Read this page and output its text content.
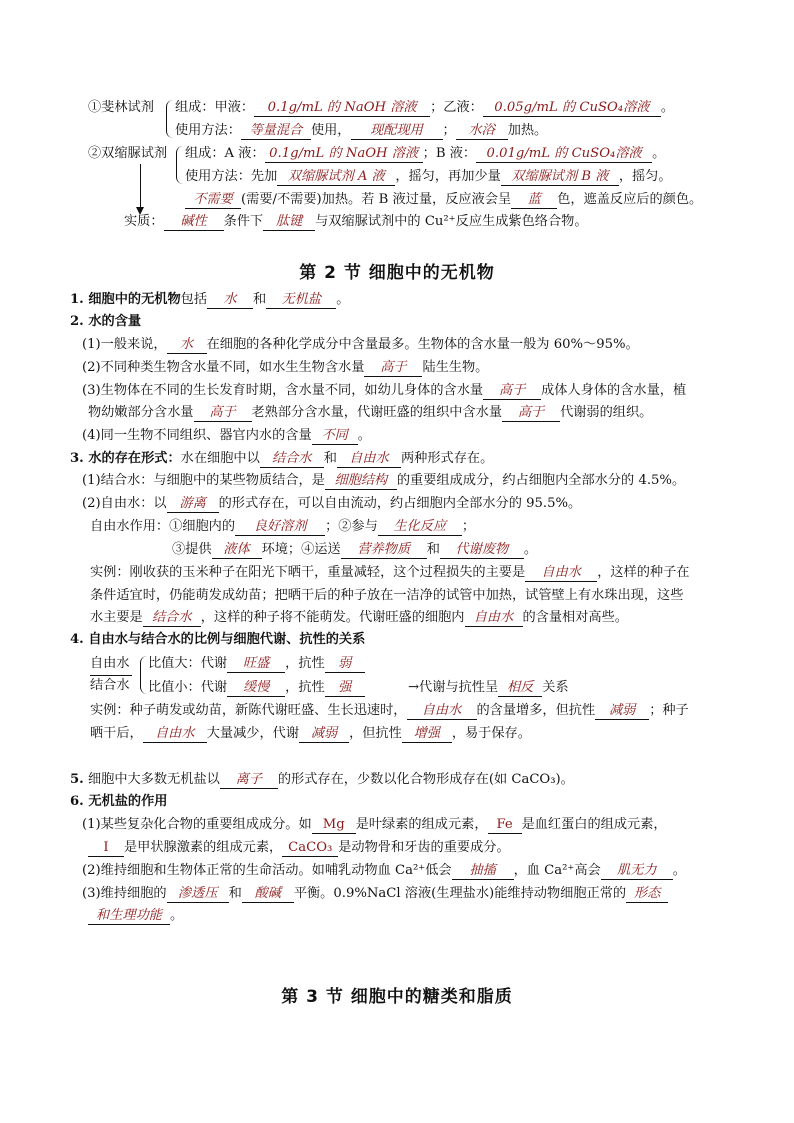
①斐林试剂 组成：甲液： 0.1g/mL 的 NaOH 溶液 ；乙液： 0.05g/mL 的 CuSO₄溶液 。
使用方法： 等量混合 使用， 现配现用 ； 水浴 加热。
②双缩脲试剂 组成：A 液： 0.1g/mL 的 NaOH 溶液 ；B 液： 0.01g/mL 的 CuSO₄溶液 。
使用方法：先加 双缩脲试剂 A 液 ，摇匀，再加少量 双缩脲试剂 B 液 ，摇匀。
不需要 (需要/不需要)加热。若 B 液过量，反应液会呈 蓝 色，遮盖反应后的颜色。
实质： 碱性 条件下 肽键 与双缩脲试剂中的 Cu²⁺反应生成紫色络合物。
第 2 节 细胞中的无机物
1. 细胞中的无机物包括 水 和 无机盐 。
2. 水的含量
(1)一般来说， 水 在细胞的各种化学成分中含量最多。生物体的含水量一般为 60%～95%。
(2)不同种类生物含水量不同，如水生生物含水量 高于 陆生生物。
(3)生物体在不同的生长发育时期，含水量不同，如幼儿身体的含水量 高于 成体人身体的含水量，植
物幼嫩部分含水量 高于 老熟部分含水量，代谢旺盛的组织中含水量 高于 代谢弱的组织。
(4)同一生物不同组织、器官内水的含量 不同 。
3. 水的存在形式：水在细胞中以 结合水 和 自由水 两种形式存在。
(1)结合水：与细胞中的某些物质结合，是 细胞结构 的重要组成成分，约占细胞内全部水分的 4.5%。
(2)自由水：以 游离 的形式存在，可以自由流动，约占细胞内全部水分的 95.5%。
自由水作用：①细胞内的 良好溶剂 ；②参与 生化反应 ；
③提供 液体 环境；④运送 营养物质 和 代谢废物 。
实例：刚收获的玉米种子在阳光下晒干，重量减轻，这个过程损失的主要是 自由水 ，这样的种子在
条件适宜时，仍能萌发成幼苗；把晒干后的种子放在一洁净的试管中加热，试管壁上有水珠出现，这些
水主要是 结合水 ，这样的种子将不能萌发。代谢旺盛的细胞内 自由水 的含量相对高些。
4. 自由水与结合水的比例与细胞代谢、抗性的关系
自由水
结合水
比值大：代谢 旺盛 ，抗性 弱
比值小：代谢 缓慢 ，抗性 强	→代谢与抗性呈 相反 关系
实例：种子萌发或幼苗，新陈代谢旺盛、生长迅速时， 自由水 的含量增多，但抗性 减弱 ；种子
晒干后， 自由水 大量减少，代谢 减弱 ，但抗性 增强 ，易于保存。
5. 细胞中大多数无机盐以 离子 的形式存在，少数以化合物形成存在(如 CaCO₃)。
6. 无机盐的作用
(1)某些复杂化合物的重要组成成分。如 Mg 是叶绿素的组成元素， Fe 是血红蛋白的组成元素，
I 是甲状腺激素的组成元素， CaCO₃ 是动物骨和牙齿的重要成分。
(2)维持细胞和生物体正常的生命活动。如哺乳动物血 Ca²⁺低会 抽搐 ，血 Ca²⁺高会 肌无力 。
(3)维持细胞的 渗透压 和 酸碱 平衡。0.9%NaCl 溶液(生理盐水)能维持动物细胞正常的 形态
和生理功能 。
第 3 节 细胞中的糖类和脂质
